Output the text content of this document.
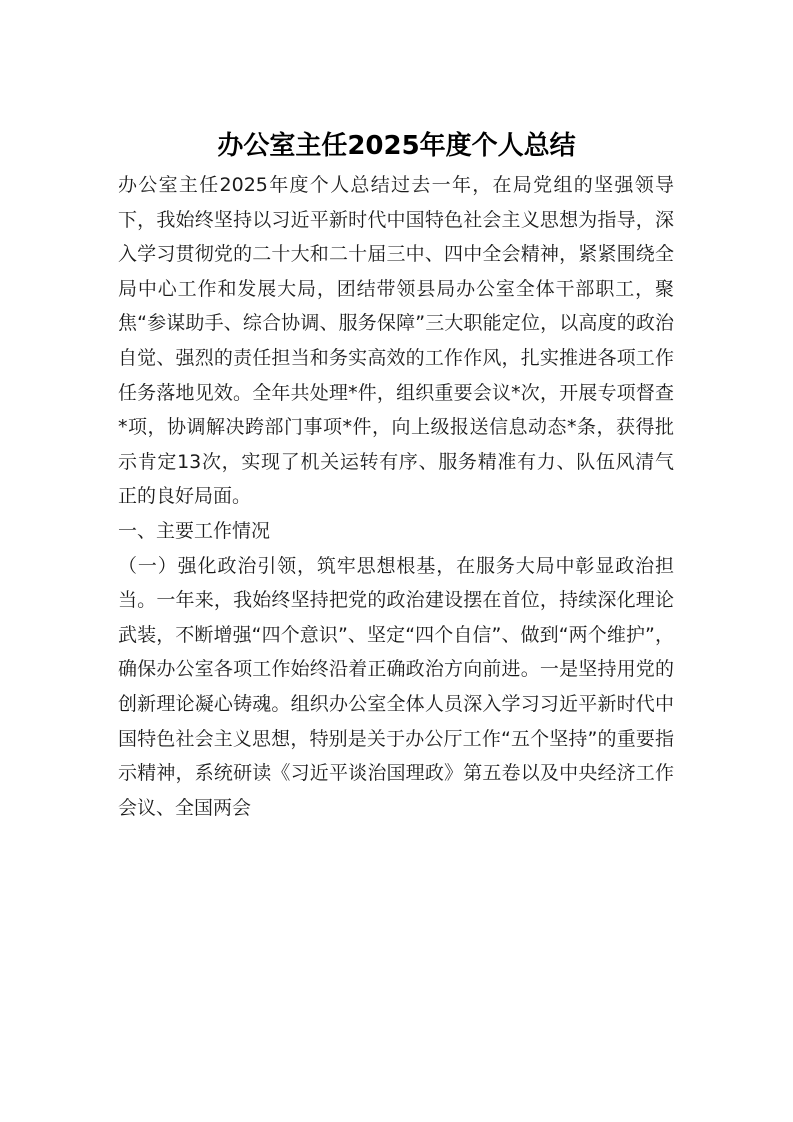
办公室主任2025年度个人总结

办公室主任2025年度个人总结过去一年，在局党组的坚强领导下，我始终坚持以习近平新时代中国特色社会主义思想为指导，深入学习贯彻党的二十大和二十届三中、四中全会精神，紧紧围绕全局中心工作和发展大局，团结带领县局办公室全体干部职工，聚焦“参谋助手、综合协调、服务保障”三大职能定位，以高度的政治自觉、强烈的责任担当和务实高效的工作作风，扎实推进各项工作任务落地见效。全年共处理*件，组织重要会议*次，开展专项督查*项，协调解决跨部门事项*件，向上级报送信息动态*条，获得批示肯定13次，实现了机关运转有序、服务精准有力、队伍风清气正的良好局面。

一、主要工作情况

（一）强化政治引领，筑牢思想根基，在服务大局中彰显政治担当。一年来，我始终坚持把党的政治建设摆在首位，持续深化理论武装，不断增强“四个意识”、坚定“四个自信”、做到“两个维护”，确保办公室各项工作始终沿着正确政治方向前进。一是坚持用党的创新理论凝心铸魂。组织办公室全体人员深入学习习近平新时代中国特色社会主义思想，特别是关于办公厅工作“五个坚持”的重要指示精神，系统研读《习近平谈治国理政》第五卷以及中央经济工作会议、全国两会
